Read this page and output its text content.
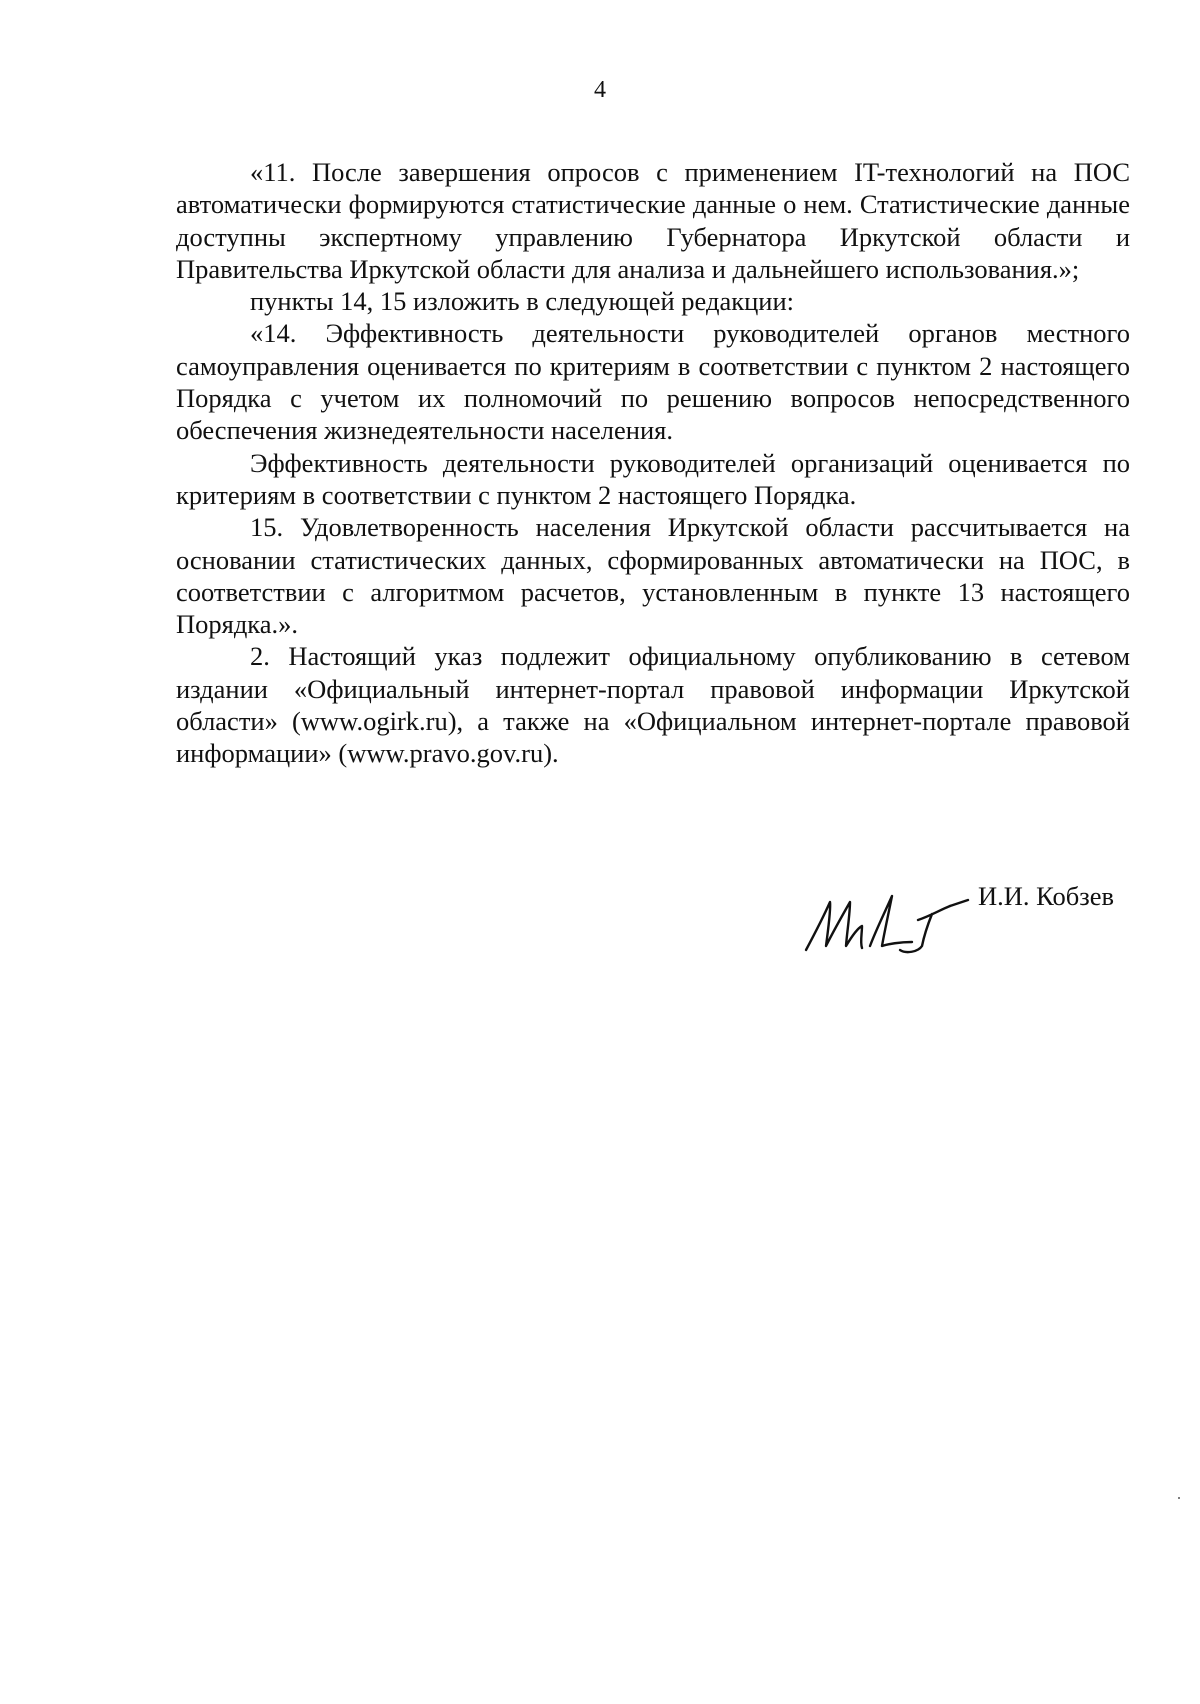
4

«11. После завершения опросов с применением IT-технологий на ПОС автоматически формируются статистические данные о нем. Статистические данные доступны экспертному управлению Губернатора Иркутской области и Правительства Иркутской области для анализа и дальнейшего использования.»;

пункты 14, 15 изложить в следующей редакции:

«14. Эффективность деятельности руководителей органов местного самоуправления оценивается по критериям в соответствии с пунктом 2 настоящего Порядка с учетом их полномочий по решению вопросов непосредственного обеспечения жизнедеятельности населения.

Эффективность деятельности руководителей организаций оценивается по критериям в соответствии с пунктом 2 настоящего Порядка.

15. Удовлетворенность населения Иркутской области рассчитывается на основании статистических данных, сформированных автоматически на ПОС, в соответствии с алгоритмом расчетов, установленным в пункте 13 настоящего Порядка.».

2. Настоящий указ подлежит официальному опубликованию в сетевом издании «Официальный интернет-портал правовой информации Иркутской области» (www.ogirk.ru), а также на «Официальном интернет-портале правовой информации» (www.pravo.gov.ru).

И.И. Кобзев
